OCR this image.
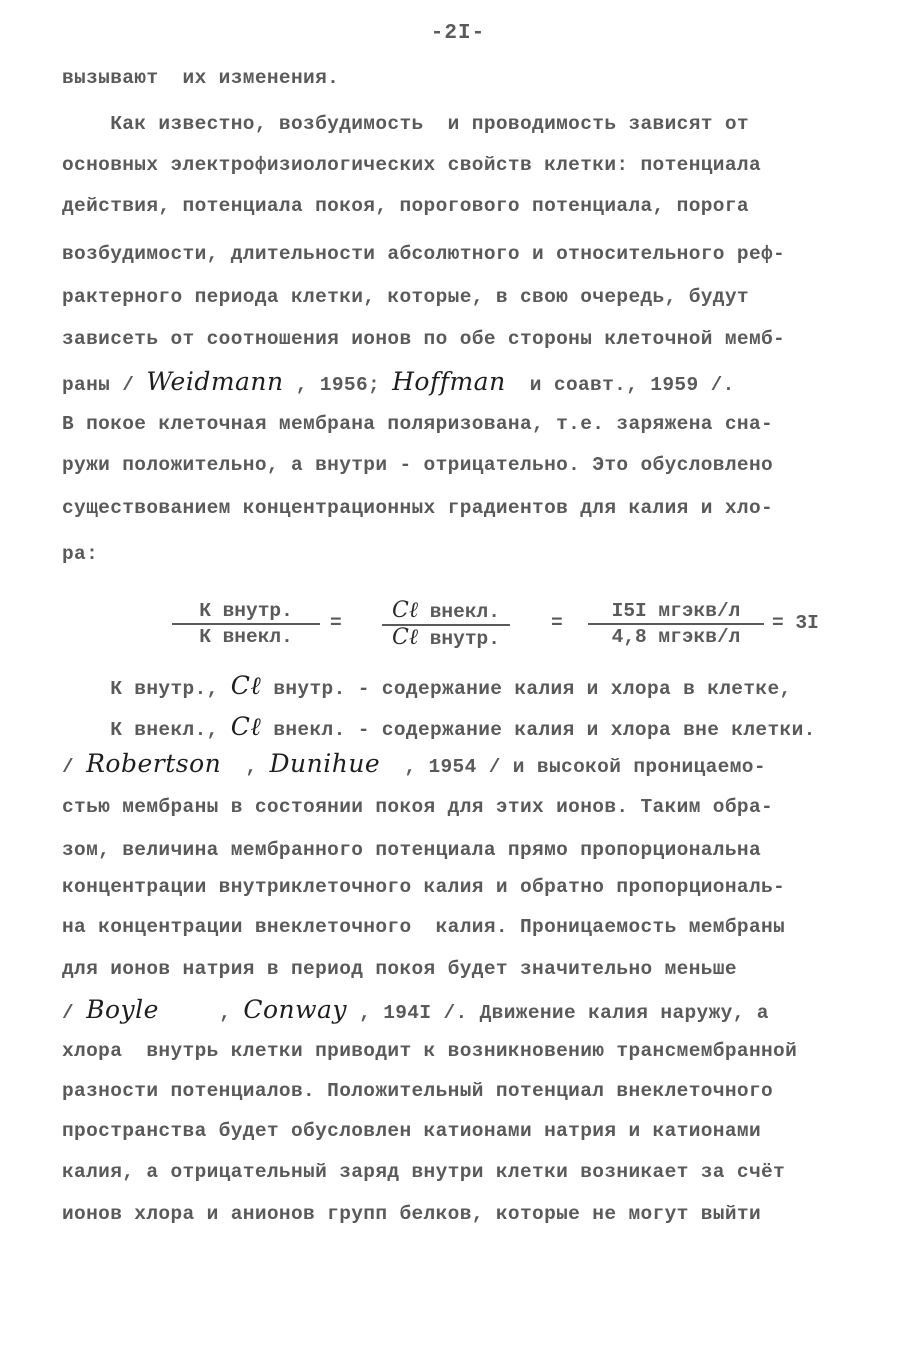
-2I-
вызывают  их изменения.
Как известно, возбудимость  и проводимость зависят от
основных электрофизиологических свойств клетки: потенциала
действия, потенциала покоя, порогового потенциала, порога
возбудимости, длительности абсолютного и относительного реф-
рактерного периода клетки, которые, в свою очередь, будут
зависеть от соотношения ионов по обе стороны клеточной мемб-
раны / Weidmann , 1956; Hoffman  и соавт., 1959 /.
В покое клеточная мембрана поляризована, т.е. заряжена сна-
ружи положительно, а внутри - отрицательно. Это обусловлено
существованием концентрационных градиентов для калия и хло-
ра:
К внутр., Cℓ внутр. - содержание калия и хлора в клетке,
К внекл., Cℓ внекл. - содержание калия и хлора вне клетки.
/ Robertson  , Dunihue  , 1954 / и высокой проницаемо-
стью мембраны в состоянии покоя для этих ионов. Таким обра-
зом, величина мембранного потенциала прямо пропорциональна
концентрации внутриклеточного калия и обратно пропорциональ-
на концентрации внеклеточного  калия. Проницаемость мембраны
для ионов натрия в период покоя будет значительно меньше
/ Boyle     , Conway , 194I /. Движение калия наружу, а
хлора  внутрь клетки приводит к возникновению трансмембранной
разности потенциалов. Положительный потенциал внеклеточного
пространства будет обусловлен катионами натрия и катионами
калия, а отрицательный заряд внутри клетки возникает за счёт
ионов хлора и анионов групп белков, которые не могут выйти
К внутр.
К внекл.
=	Cℓ внекл.
Cℓ внутр.
=
I5I мгэкв/л
4,8 мгэкв/л
= 3I
